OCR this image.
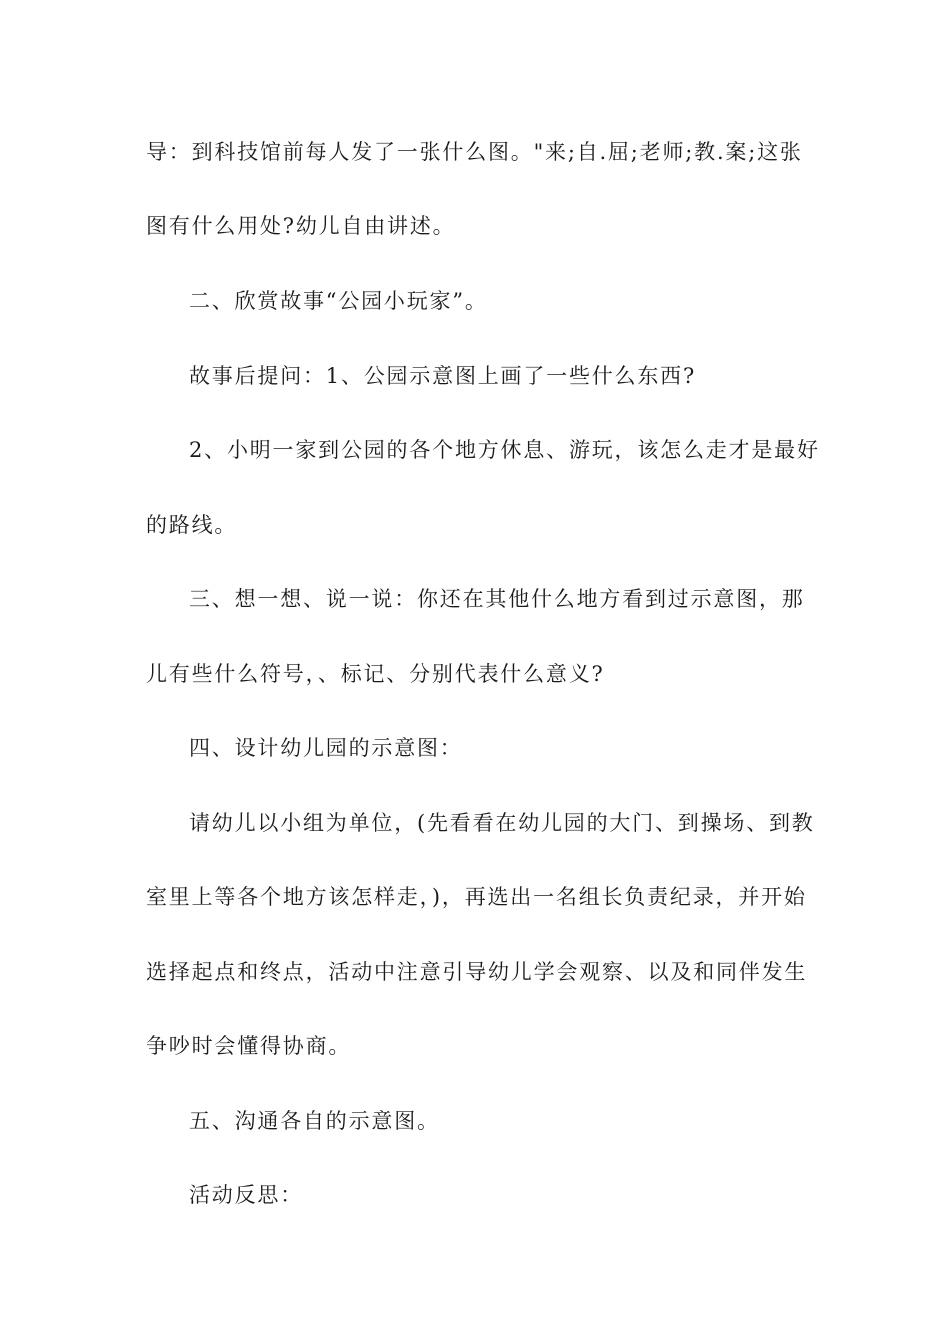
导：到科技馆前每人发了一张什么图。"来;自.屈;老师;教.案;这张
图有什么用处?幼儿自由讲述。
二、欣赏故事“公园小玩家”。
故事后提问：1、公园示意图上画了一些什么东西?
2、小明一家到公园的各个地方休息、游玩，该怎么走才是最好
的路线。
三、想一想、说一说：你还在其他什么地方看到过示意图，那
儿有些什么符号，、标记、分别代表什么意义?
四、设计幼儿园的示意图：
请幼儿以小组为单位，(先看看在幼儿园的大门、到操场、到教
室里上等各个地方该怎样走，)，再选出一名组长负责纪录，并开始
选择起点和终点，活动中注意引导幼儿学会观察、以及和同伴发生
争吵时会懂得协商。
五、沟通各自的示意图。
活动反思：
